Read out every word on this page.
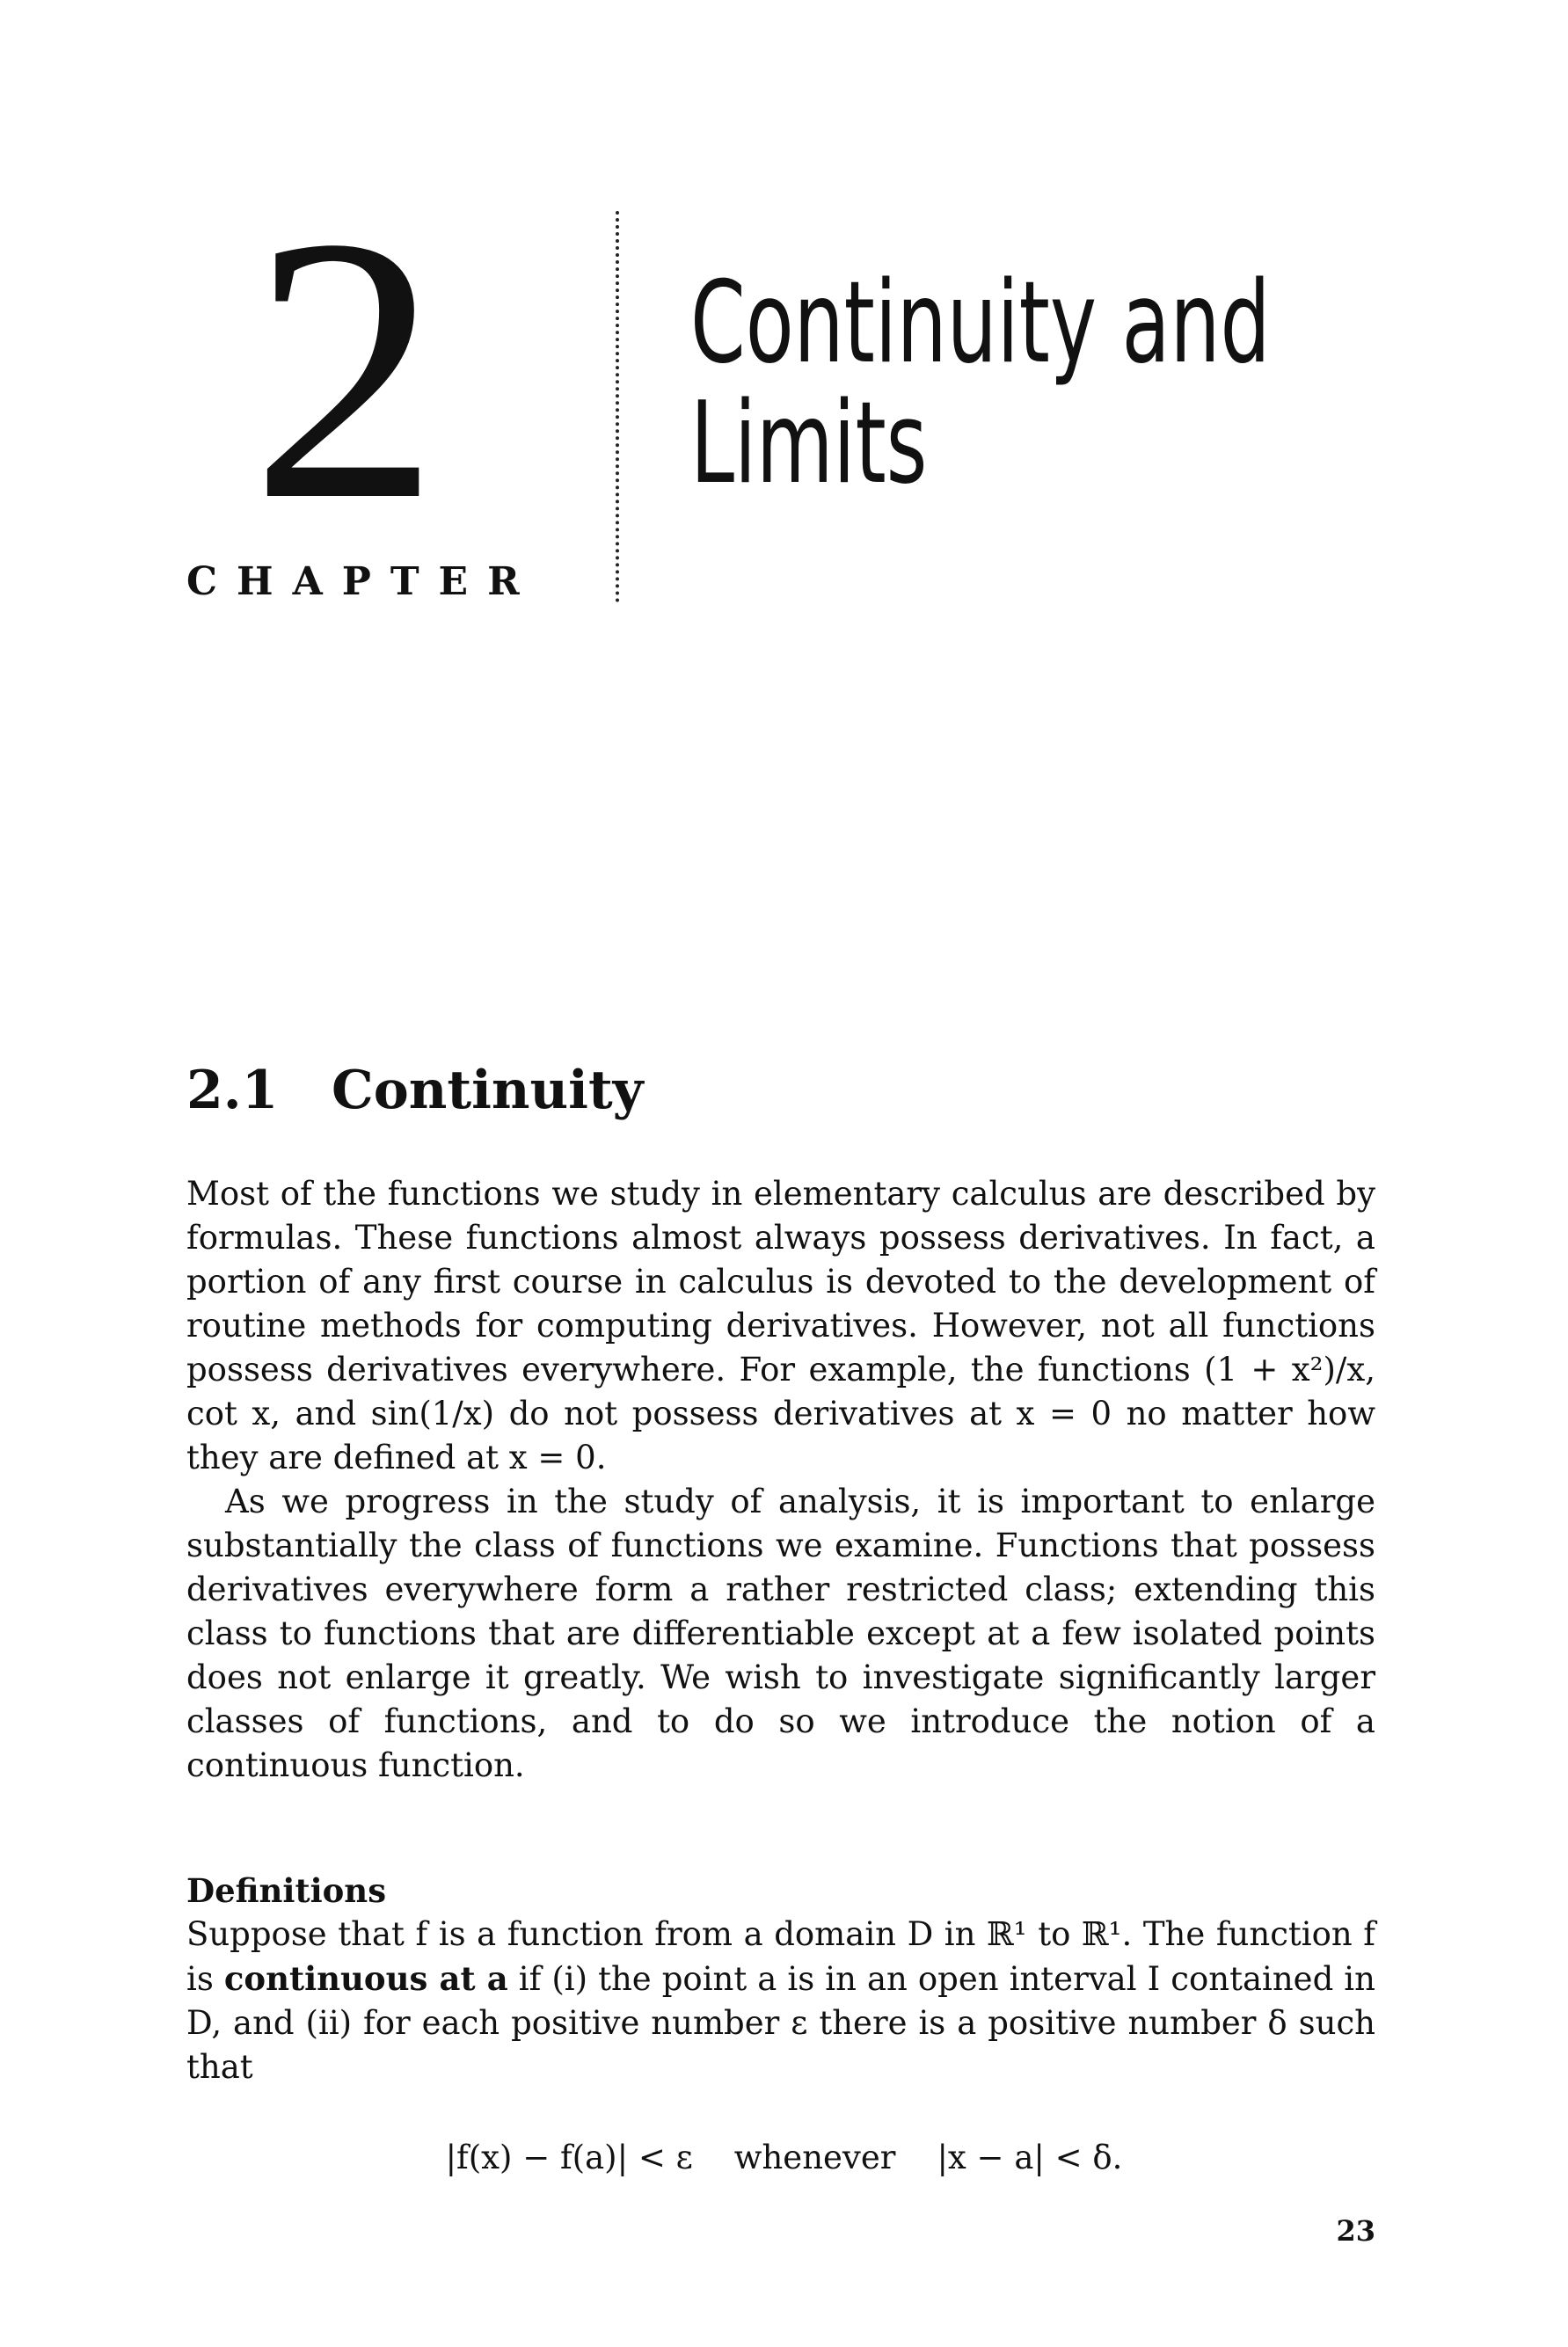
2
CHAPTER
Continuity and
Limits
2.1 Continuity

Most of the functions we study in elementary calculus are described by formulas. These functions almost always possess derivatives. In fact, a portion of any first course in calculus is devoted to the development of routine methods for computing derivatives. However, not all functions possess derivatives everywhere. For example, the functions (1 + x²)/x, cot x, and sin(1/x) do not possess derivatives at x = 0 no matter how they are defined at x = 0.

As we progress in the study of analysis, it is important to enlarge substantially the class of functions we examine. Functions that possess derivatives everywhere form a rather restricted class; extending this class to functions that are differentiable except at a few isolated points does not enlarge it greatly. We wish to investigate significantly larger classes of functions, and to do so we introduce the notion of a continuous function.

Definitions

Suppose that f is a function from a domain D in ℝ¹ to ℝ¹. The function f is continuous at a if (i) the point a is in an open interval I contained in D, and (ii) for each positive number ε there is a positive number δ such that

|f(x) − f(a)| < ε    whenever    |x − a| < δ.
23
